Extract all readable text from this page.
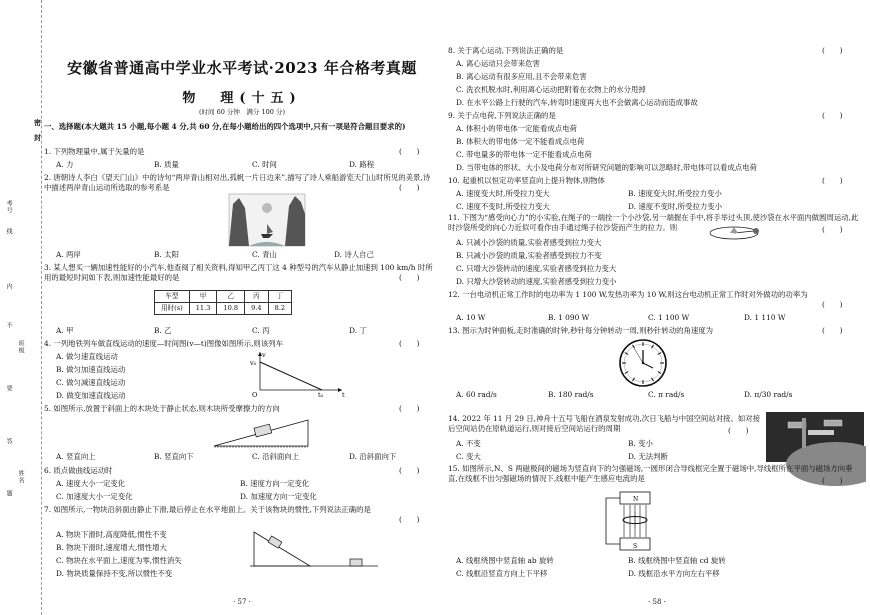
考号
线
内
不
要
答
题
班级
姓名
密
封
安徽省普通高中学业水平考试·2023 年合格考真题
物　理(十五)
(时间 60 分钟　满分 100 分)
一、选择题(本大题共 15 小题,每小题 4 分,共 60 分,在每小题给出的四个选项中,只有一项是符合题目要求的)
1. 下列物理量中,属于矢量的是	(　　)
A. 力	B. 质量	C. 时间	D. 路程
2. 唐朝诗人李白《望天门山》中的诗句“两岸青山相对出,孤帆一片日边来”,描写了诗人乘船游览天门山时所见的美景,诗中描述两岸青山运动所选取的参考系是	(　　)
A. 两岸	B. 太阳	C. 青山	D. 诗人自己
3. 某人想买一辆加速性能好的小汽车,他查阅了相关资料,得知甲乙丙丁这 4 种型号的汽车从静止加速到 100 km/h 时所用的最短时间如下表,则加速性能最好的是	(　　)
车型	甲	乙	丙	丁
用时(s)	11.3	10.8	9.4	8.2
A. 甲	B. 乙	C. 丙	D. 丁
4. 一列地铁列车做直线运动的速度—时间图(v—t)图像如图所示,则该列车	(　　)
A. 做匀速直线运动
B. 做匀加速直线运动
C. 做匀减速直线运动
D. 做变加速直线运动
v
v₀
O	t
t₀
5. 如图所示,放置于斜面上的木块处于静止状态,则木块所受摩擦力的方向	(　　)
A. 竖直向上	B. 竖直向下	C. 沿斜面向上	D. 沿斜面向下
6. 质点做曲线运动时	(　　)
A. 速度大小一定变化	B. 速度方向一定变化
C. 加速度大小一定变化	D. 加速度方向一定变化
7. 如图所示,一物块沿斜面由静止下滑,最后停止在水平地面上。关于该物块的惯性,下列说法正确的是
(　　)
A. 物块下滑时,高度降低,惯性不变
B. 物块下滑时,速度增大,惯性增大
C. 物块在水平面上,速度为零,惯性消失
D. 物块质量保持不变,所以惯性不变
· 57 ·
8. 关于离心运动,下列说法正确的是	(　　)
A. 离心运动只会带来危害
B. 离心运动有很多应用,且不会带来危害
C. 洗衣机脱水时,利用离心运动把附着在衣物上的水分甩掉
D. 在水平公路上行驶的汽车,转弯时速度再大也不会做离心运动而造成事故
9. 关于点电荷,下列说法正确的是	(　　)
A. 体积小的带电体一定能看成点电荷
B. 体积大的带电体一定不能看成点电荷
C. 带电量多的带电体一定不能看成点电荷
D. 当带电体的形状、大小及电荷分布对所研究问题的影响可以忽略时,带电体可以看成点电荷
10. 起重机以恒定功率竖直向上提升物体,则物体	(　　)
A. 速度变大时,所受拉力变大	B. 速度变大时,所受拉力变小
C. 速度不变时,所受拉力变大	D. 速度不变时,所受拉力变小
11. 下图为“感受向心力”的小实验,在绳子的一端拴一个小沙袋,另一端握在手中,将手举过头顶,使沙袋在水平面内做圆周运动,此时沙袋所受的向心力近似可看作由手通过绳子拉沙袋而产生的拉力。则	(　　)
A. 只减小沙袋的质量,实验者感受到拉力变大
B. 只减小沙袋的质量,实验者感受到拉力不变
C. 只增大沙袋转动的速度,实验者感受到拉力变大
D. 只增大沙袋转动的速度,实验者感受到拉力变小
12. 一台电动机正常工作时的电功率为 1 100 W,发热功率为 10 W,则这台电动机正常工作时对外做功的功率为
(　　)
A. 10 W	B. 1 090 W	C. 1 100 W	D. 1 110 W
13. 图示为时钟面板,走时准确的时钟,秒针每分钟转动一周,则秒针转动的角速度为	(　　)
A. 60 rad/s	B. 180 rad/s	C. π rad/s	D. π/30 rad/s
14. 2022 年 11 月 29 日,神舟十五号飞船在酒泉发射成功,次日飞船与中国空间站对接。如对接后空间站仍在原轨道运行,则对接后空间站运行的周期	(　　)
A. 不变	B. 变小
C. 变大	D. 无法判断
15. 如图所示,N、S 两磁极间的磁场为竖直向下的匀强磁场,一圆形闭合导线框完全置于磁场中,导线框所在平面与磁场方向垂直,在线框不出匀强磁场的情况下,线框中能产生感应电流的是	(　　)
N
S
A. 线框绕图中竖直轴 ab 旋转	B. 线框绕图中竖直轴 cd 旋转
C. 线框沿竖直方向上下平移	D. 线框沿水平方向左右平移
· 58 ·
